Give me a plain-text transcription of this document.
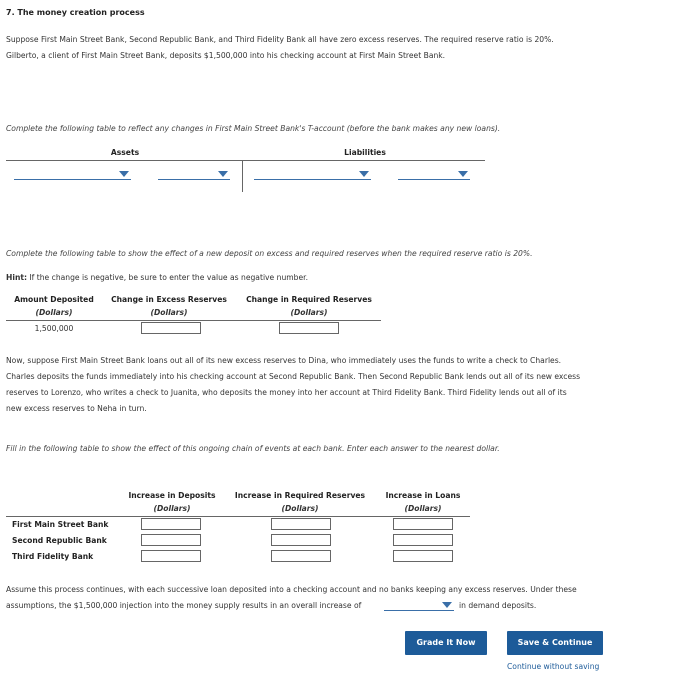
7. The money creation process
Suppose First Main Street Bank, Second Republic Bank, and Third Fidelity Bank all have zero excess reserves. The required reserve ratio is 20%.
Gilberto, a client of First Main Street Bank, deposits $1,500,000 into his checking account at First Main Street Bank.
Complete the following table to reflect any changes in First Main Street Bank's T-account (before the bank makes any new loans).
Assets	Liabilities
Complete the following table to show the effect of a new deposit on excess and required reserves when the required reserve ratio is 20%.
Hint: If the change is negative, be sure to enter the value as negative number.
Amount Deposited	Change in Excess Reserves	Change in Required Reserves
(Dollars)	(Dollars)	(Dollars)
1,500,000
Now, suppose First Main Street Bank loans out all of its new excess reserves to Dina, who immediately uses the funds to write a check to Charles.
Charles deposits the funds immediately into his checking account at Second Republic Bank. Then Second Republic Bank lends out all of its new excess
reserves to Lorenzo, who writes a check to Juanita, who deposits the money into her account at Third Fidelity Bank. Third Fidelity lends out all of its
new excess reserves to Neha in turn.
Fill in the following table to show the effect of this ongoing chain of events at each bank. Enter each answer to the nearest dollar.
Increase in Deposits	Increase in Required Reserves	Increase in Loans
(Dollars)	(Dollars)	(Dollars)
First Main Street Bank
Second Republic Bank
Third Fidelity Bank
Assume this process continues, with each successive loan deposited into a checking account and no banks keeping any excess reserves. Under these
assumptions, the $1,500,000 injection into the money supply results in an overall increase of	in demand deposits.
Grade It Now	Save & Continue
Continue without saving
